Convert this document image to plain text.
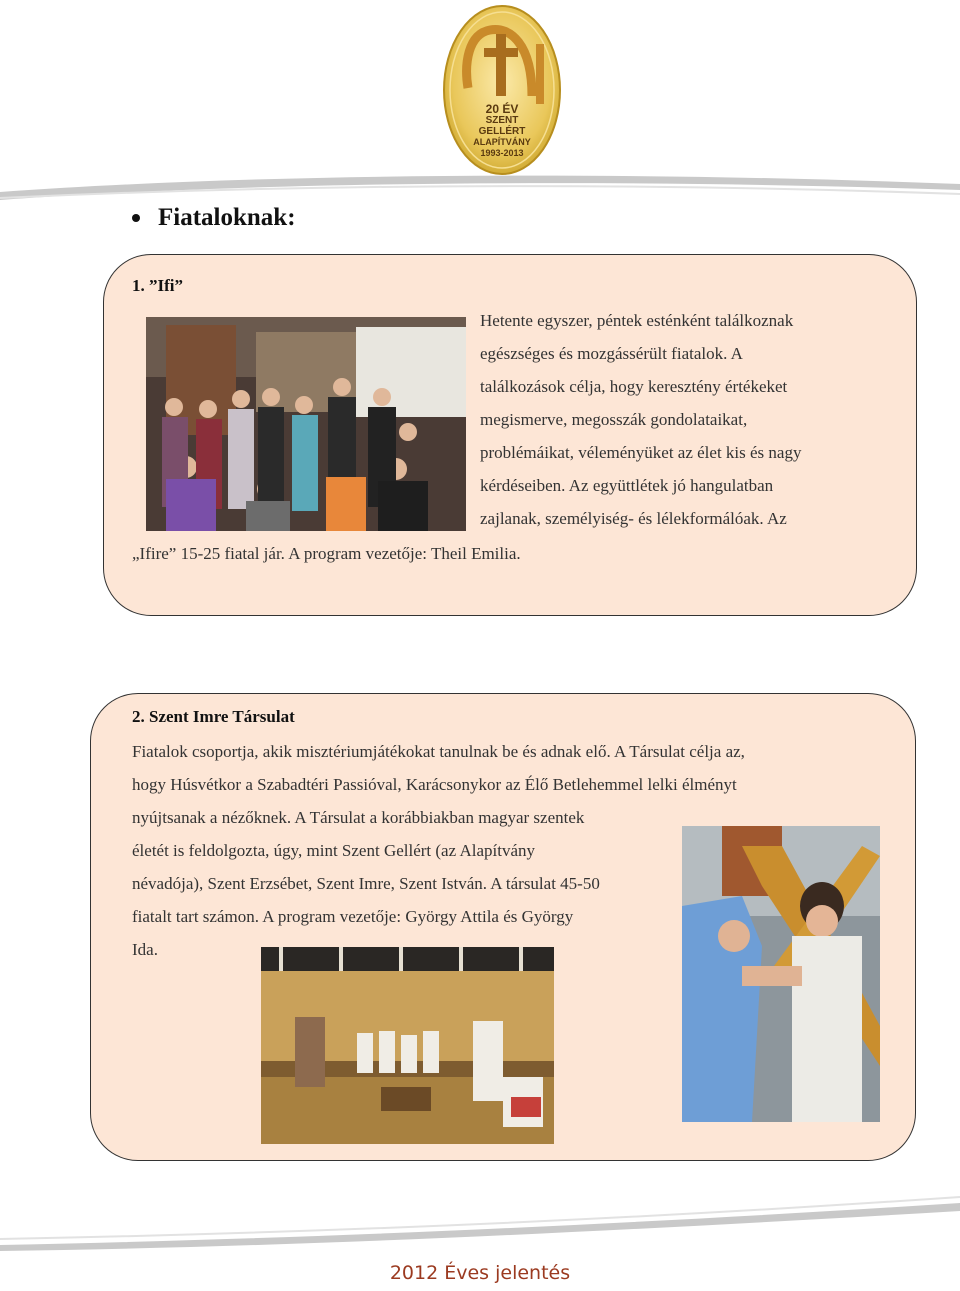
20 ÉV
SZENT
GELLÉRT
ALAPÍTVÁNY
1993-2013
Fiataloknak:
1. ”Ifi”
Hetente egyszer, péntek esténként találkoznak
egészséges és mozgássérült fiatalok. A
találkozások célja, hogy keresztény értékeket
megismerve, megosszák gondolataikat,
problémáikat, véleményüket az élet kis és nagy
kérdéseiben. Az együttlétek jó hangulatban
zajlanak, személyiség- és lélekformálóak. Az
„Ifire” 15-25 fiatal jár. A program vezetője: Theil Emilia.
2. Szent Imre Társulat
Fiatalok csoportja, akik misztériumjátékokat tanulnak be és adnak elő. A Társulat célja az,
hogy Húsvétkor a Szabadtéri Passióval, Karácsonykor az Élő Betlehemmel lelki élményt
nyújtsanak a nézőknek. A Társulat a korábbiakban magyar szentek
életét is feldolgozta, úgy, mint Szent Gellért (az Alapítvány
névadója), Szent Erzsébet, Szent Imre, Szent István. A társulat 45-50
fiatalt tart számon. A program vezetője: György Attila és György
Ida.
2012 Éves jelentés
